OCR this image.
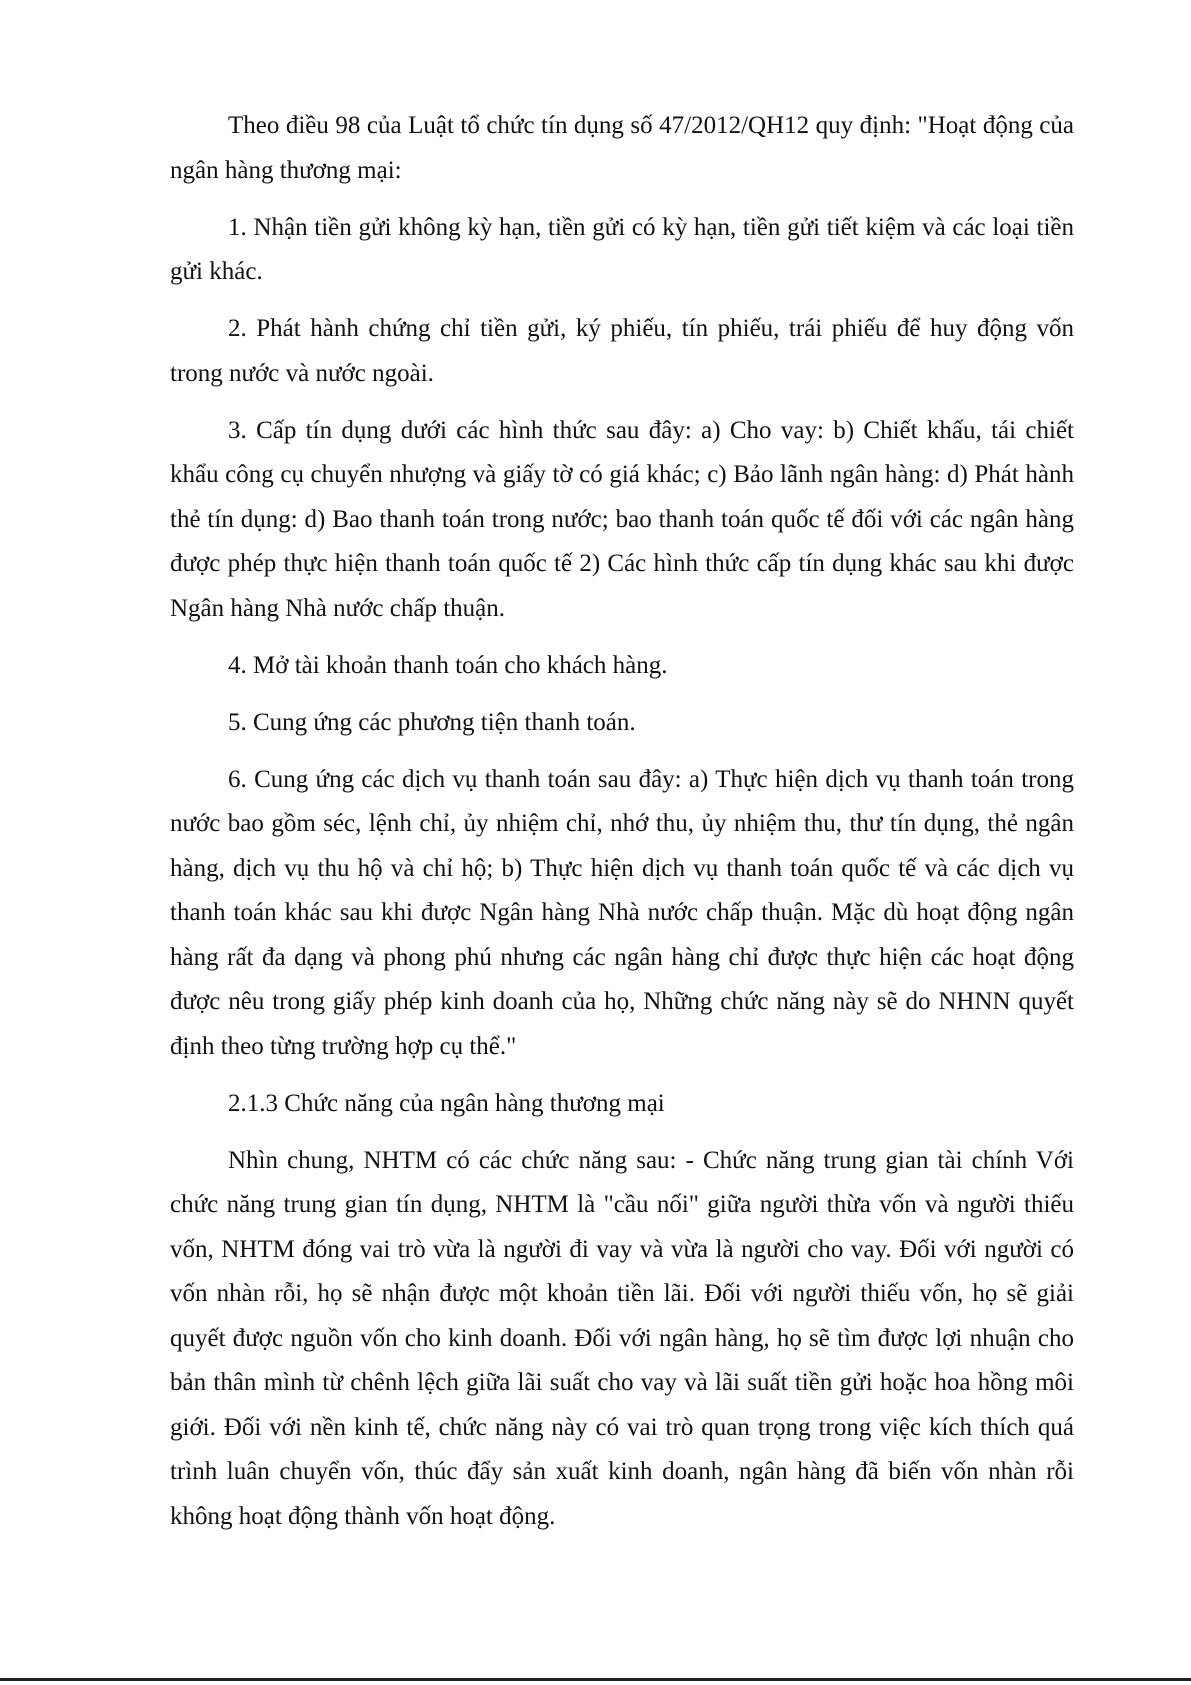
Theo điều 98 của Luật tổ chức tín dụng số 47/2012/QH12 quy định: "Hoạt động của ngân hàng thương mại:

1. Nhận tiền gửi không kỳ hạn, tiền gửi có kỳ hạn, tiền gửi tiết kiệm và các loại tiền gửi khác.

2. Phát hành chứng chỉ tiền gửi, ký phiếu, tín phiếu, trái phiếu để huy động vốn trong nước và nước ngoài.

3. Cấp tín dụng dưới các hình thức sau đây: a) Cho vay: b) Chiết khấu, tái chiết khẩu công cụ chuyển nhượng và giấy tờ có giá khác; c) Bảo lãnh ngân hàng: d) Phát hành thẻ tín dụng: d) Bao thanh toán trong nước; bao thanh toán quốc tế đối với các ngân hàng được phép thực hiện thanh toán quốc tế 2) Các hình thức cấp tín dụng khác sau khi được Ngân hàng Nhà nước chấp thuận.

4. Mở tài khoản thanh toán cho khách hàng.

5. Cung ứng các phương tiện thanh toán.

6. Cung ứng các dịch vụ thanh toán sau đây: a) Thực hiện dịch vụ thanh toán trong nước bao gồm séc, lệnh chỉ, ủy nhiệm chỉ, nhớ thu, ủy nhiệm thu, thư tín dụng, thẻ ngân hàng, dịch vụ thu hộ và chỉ hộ; b) Thực hiện dịch vụ thanh toán quốc tế và các dịch vụ thanh toán khác sau khi được Ngân hàng Nhà nước chấp thuận. Mặc dù hoạt động ngân hàng rất đa dạng và phong phú nhưng các ngân hàng chỉ được thực hiện các hoạt động được nêu trong giấy phép kinh doanh của họ, Những chức năng này sẽ do NHNN quyết định theo từng trường hợp cụ thể."

2.1.3 Chức năng của ngân hàng thương mại

Nhìn chung, NHTM có các chức năng sau: - Chức năng trung gian tài chính Với chức năng trung gian tín dụng, NHTM là "cầu nối" giữa người thừa vốn và người thiếu vốn, NHTM đóng vai trò vừa là người đi vay và vừa là người cho vay. Đối với người có vốn nhàn rỗi, họ sẽ nhận được một khoản tiền lãi. Đối với người thiếu vốn, họ sẽ giải quyết được nguồn vốn cho kinh doanh. Đối với ngân hàng, họ sẽ tìm được lợi nhuận cho bản thân mình từ chênh lệch giữa lãi suất cho vay và lãi suất tiền gửi hoặc hoa hồng môi giới. Đối với nền kinh tế, chức năng này có vai trò quan trọng trong việc kích thích quá trình luân chuyển vốn, thúc đẩy sản xuất kinh doanh, ngân hàng đã biến vốn nhàn rỗi không hoạt động thành vốn hoạt động.
